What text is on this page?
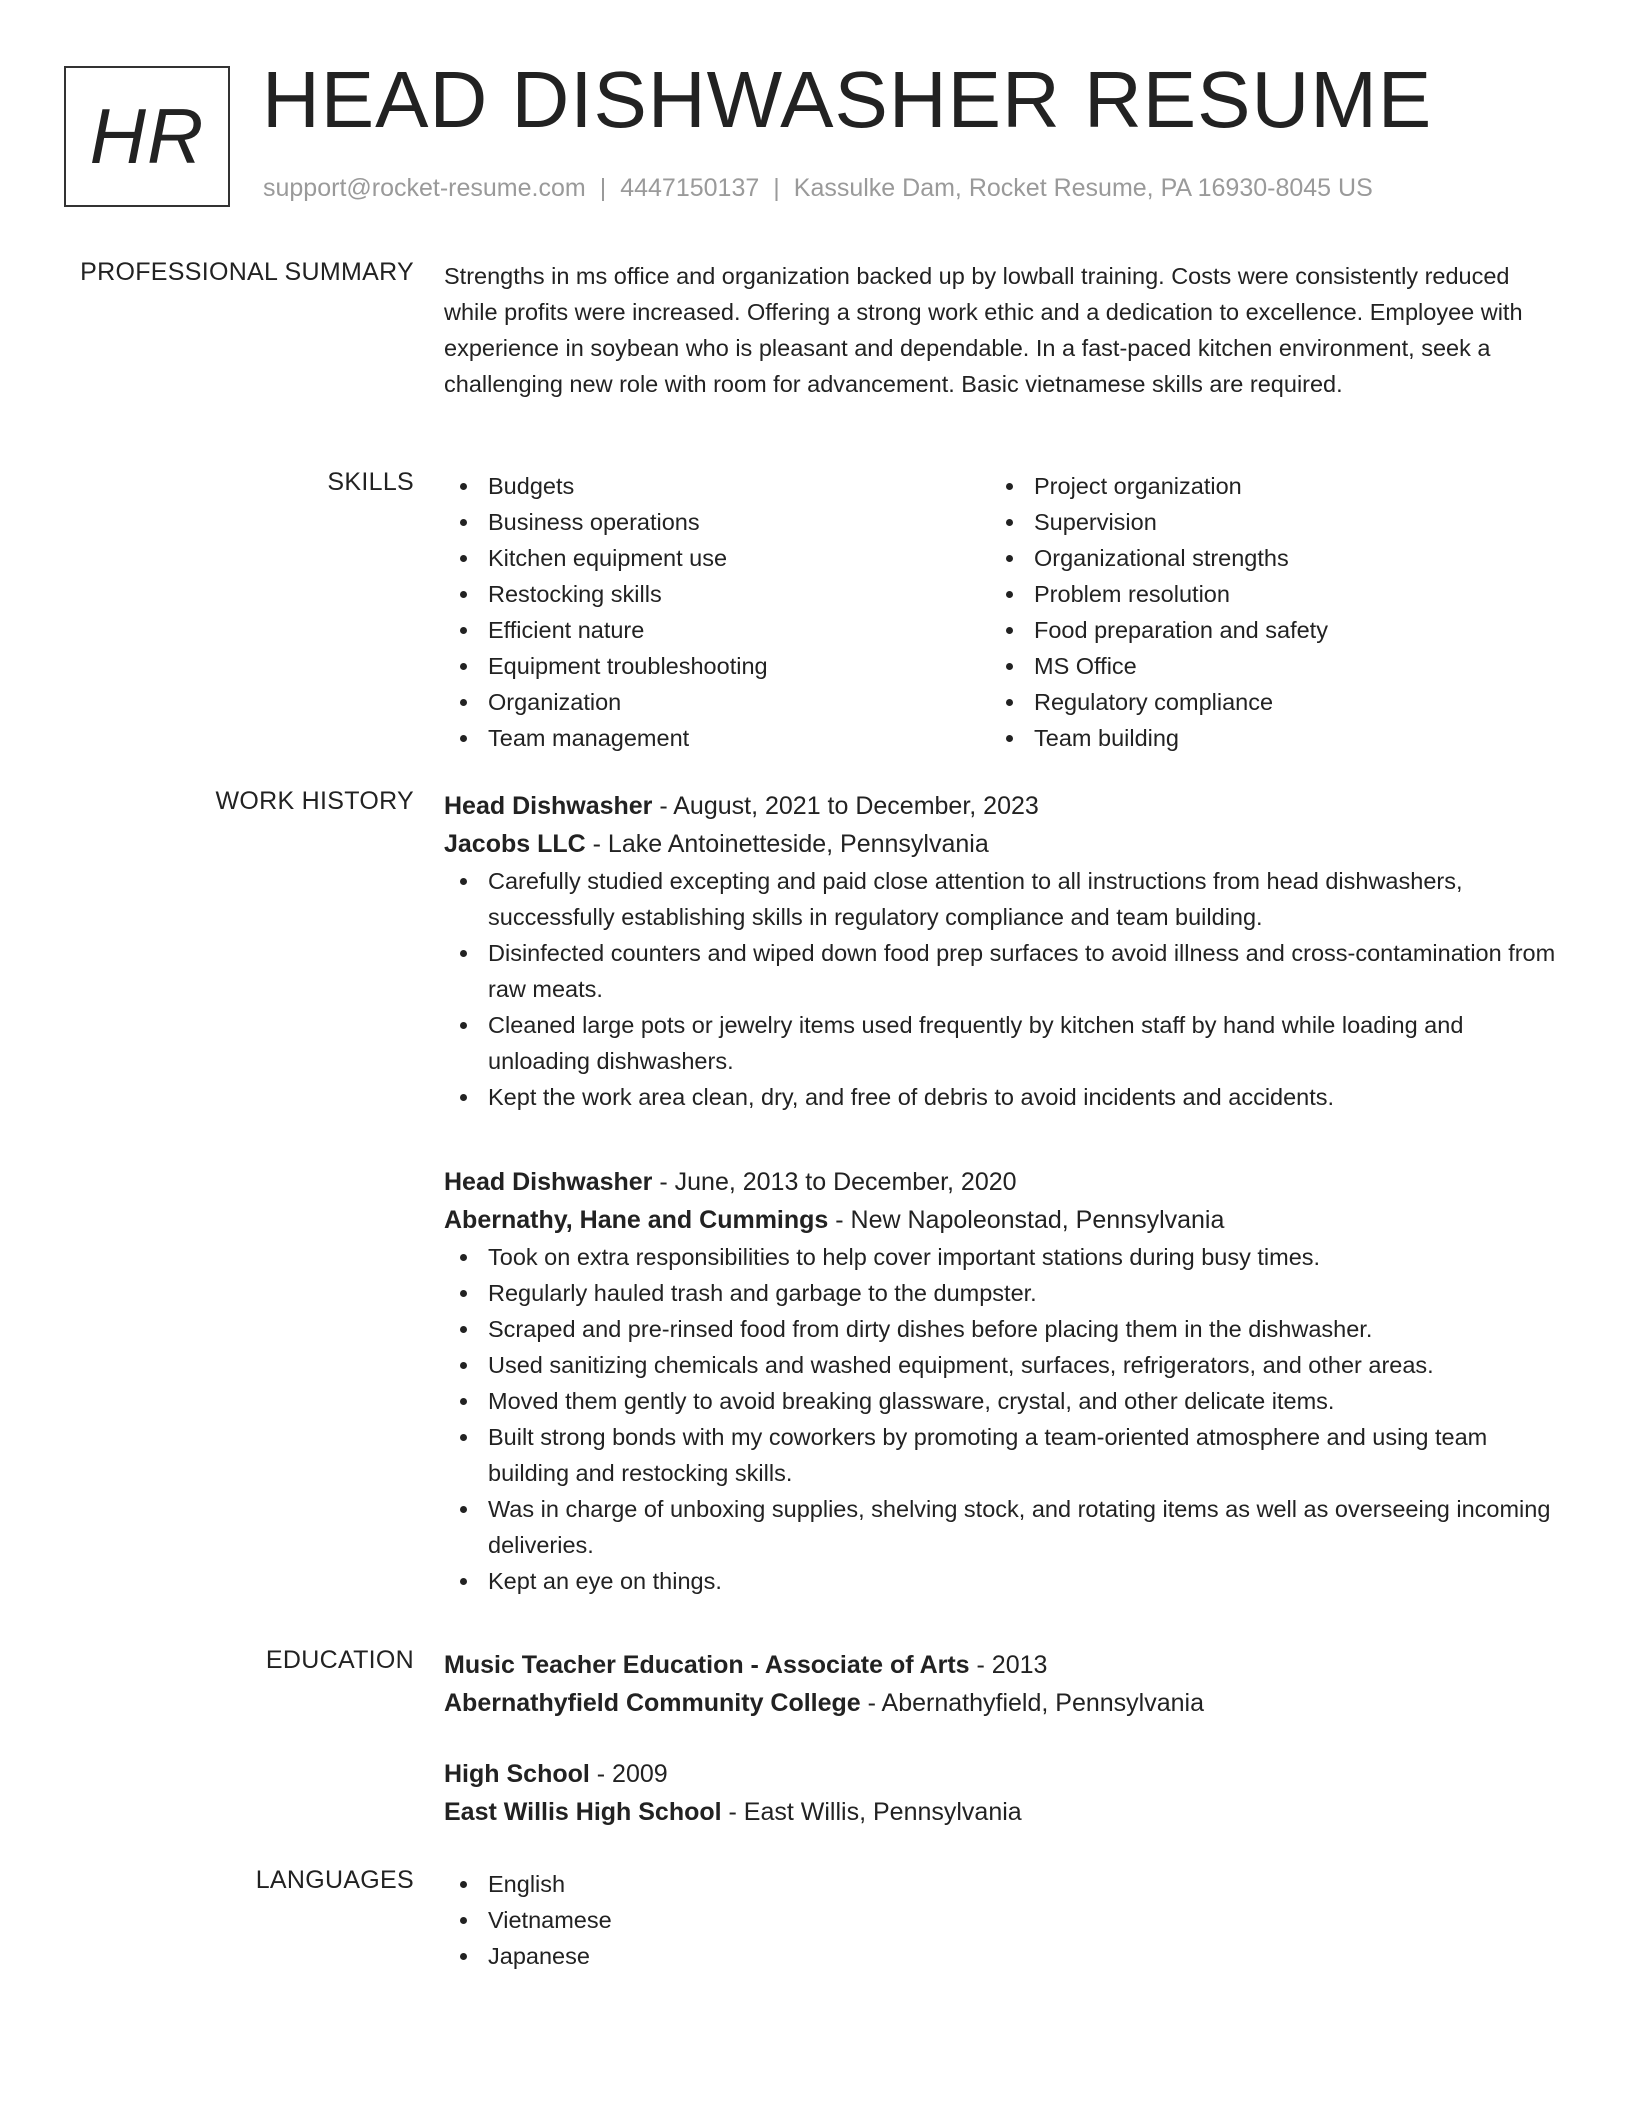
HR HEAD DISHWASHER RESUME
support@rocket-resume.com | 4447150137 | Kassulke Dam, Rocket Resume, PA 16930-8045 US
PROFESSIONAL SUMMARY Strengths in ms office and organization backed up by lowball training. Costs were consistently reduced while profits were increased. Offering a strong work ethic and a dedication to excellence. Employee with experience in soybean who is pleasant and dependable. In a fast-paced kitchen environment, seek a challenging new role with room for advancement. Basic vietnamese skills are required.
SKILLS	Budgets
Business operations
Kitchen equipment use
Restocking skills
Efficient nature
Equipment troubleshooting
Organization
Team management
Project organization
Supervision
Organizational strengths
Problem resolution
Food preparation and safety
MS Office
Regulatory compliance
Team building
WORK HISTORY Head Dishwasher - August, 2021 to December, 2023
Jacobs LLC - Lake Antoinetteside, Pennsylvania
Carefully studied excepting and paid close attention to all instructions from head dishwashers, successfully establishing skills in regulatory compliance and team building.
Disinfected counters and wiped down food prep surfaces to avoid illness and cross-contamination from raw meats.
Cleaned large pots or jewelry items used frequently by kitchen staff by hand while loading and unloading dishwashers.
Kept the work area clean, dry, and free of debris to avoid incidents and accidents.
Head Dishwasher - June, 2013 to December, 2020
Abernathy, Hane and Cummings - New Napoleonstad, Pennsylvania
Took on extra responsibilities to help cover important stations during busy times.
Regularly hauled trash and garbage to the dumpster.
Scraped and pre-rinsed food from dirty dishes before placing them in the dishwasher.
Used sanitizing chemicals and washed equipment, surfaces, refrigerators, and other areas.
Moved them gently to avoid breaking glassware, crystal, and other delicate items.
Built strong bonds with my coworkers by promoting a team-oriented atmosphere and using team building and restocking skills.
Was in charge of unboxing supplies, shelving stock, and rotating items as well as overseeing incoming deliveries.
Kept an eye on things.
EDUCATION Music Teacher Education - Associate of Arts - 2013
Abernathyfield Community College - Abernathyfield, Pennsylvania
High School - 2009
East Willis High School - East Willis, Pennsylvania
LANGUAGES	English
Vietnamese
Japanese
